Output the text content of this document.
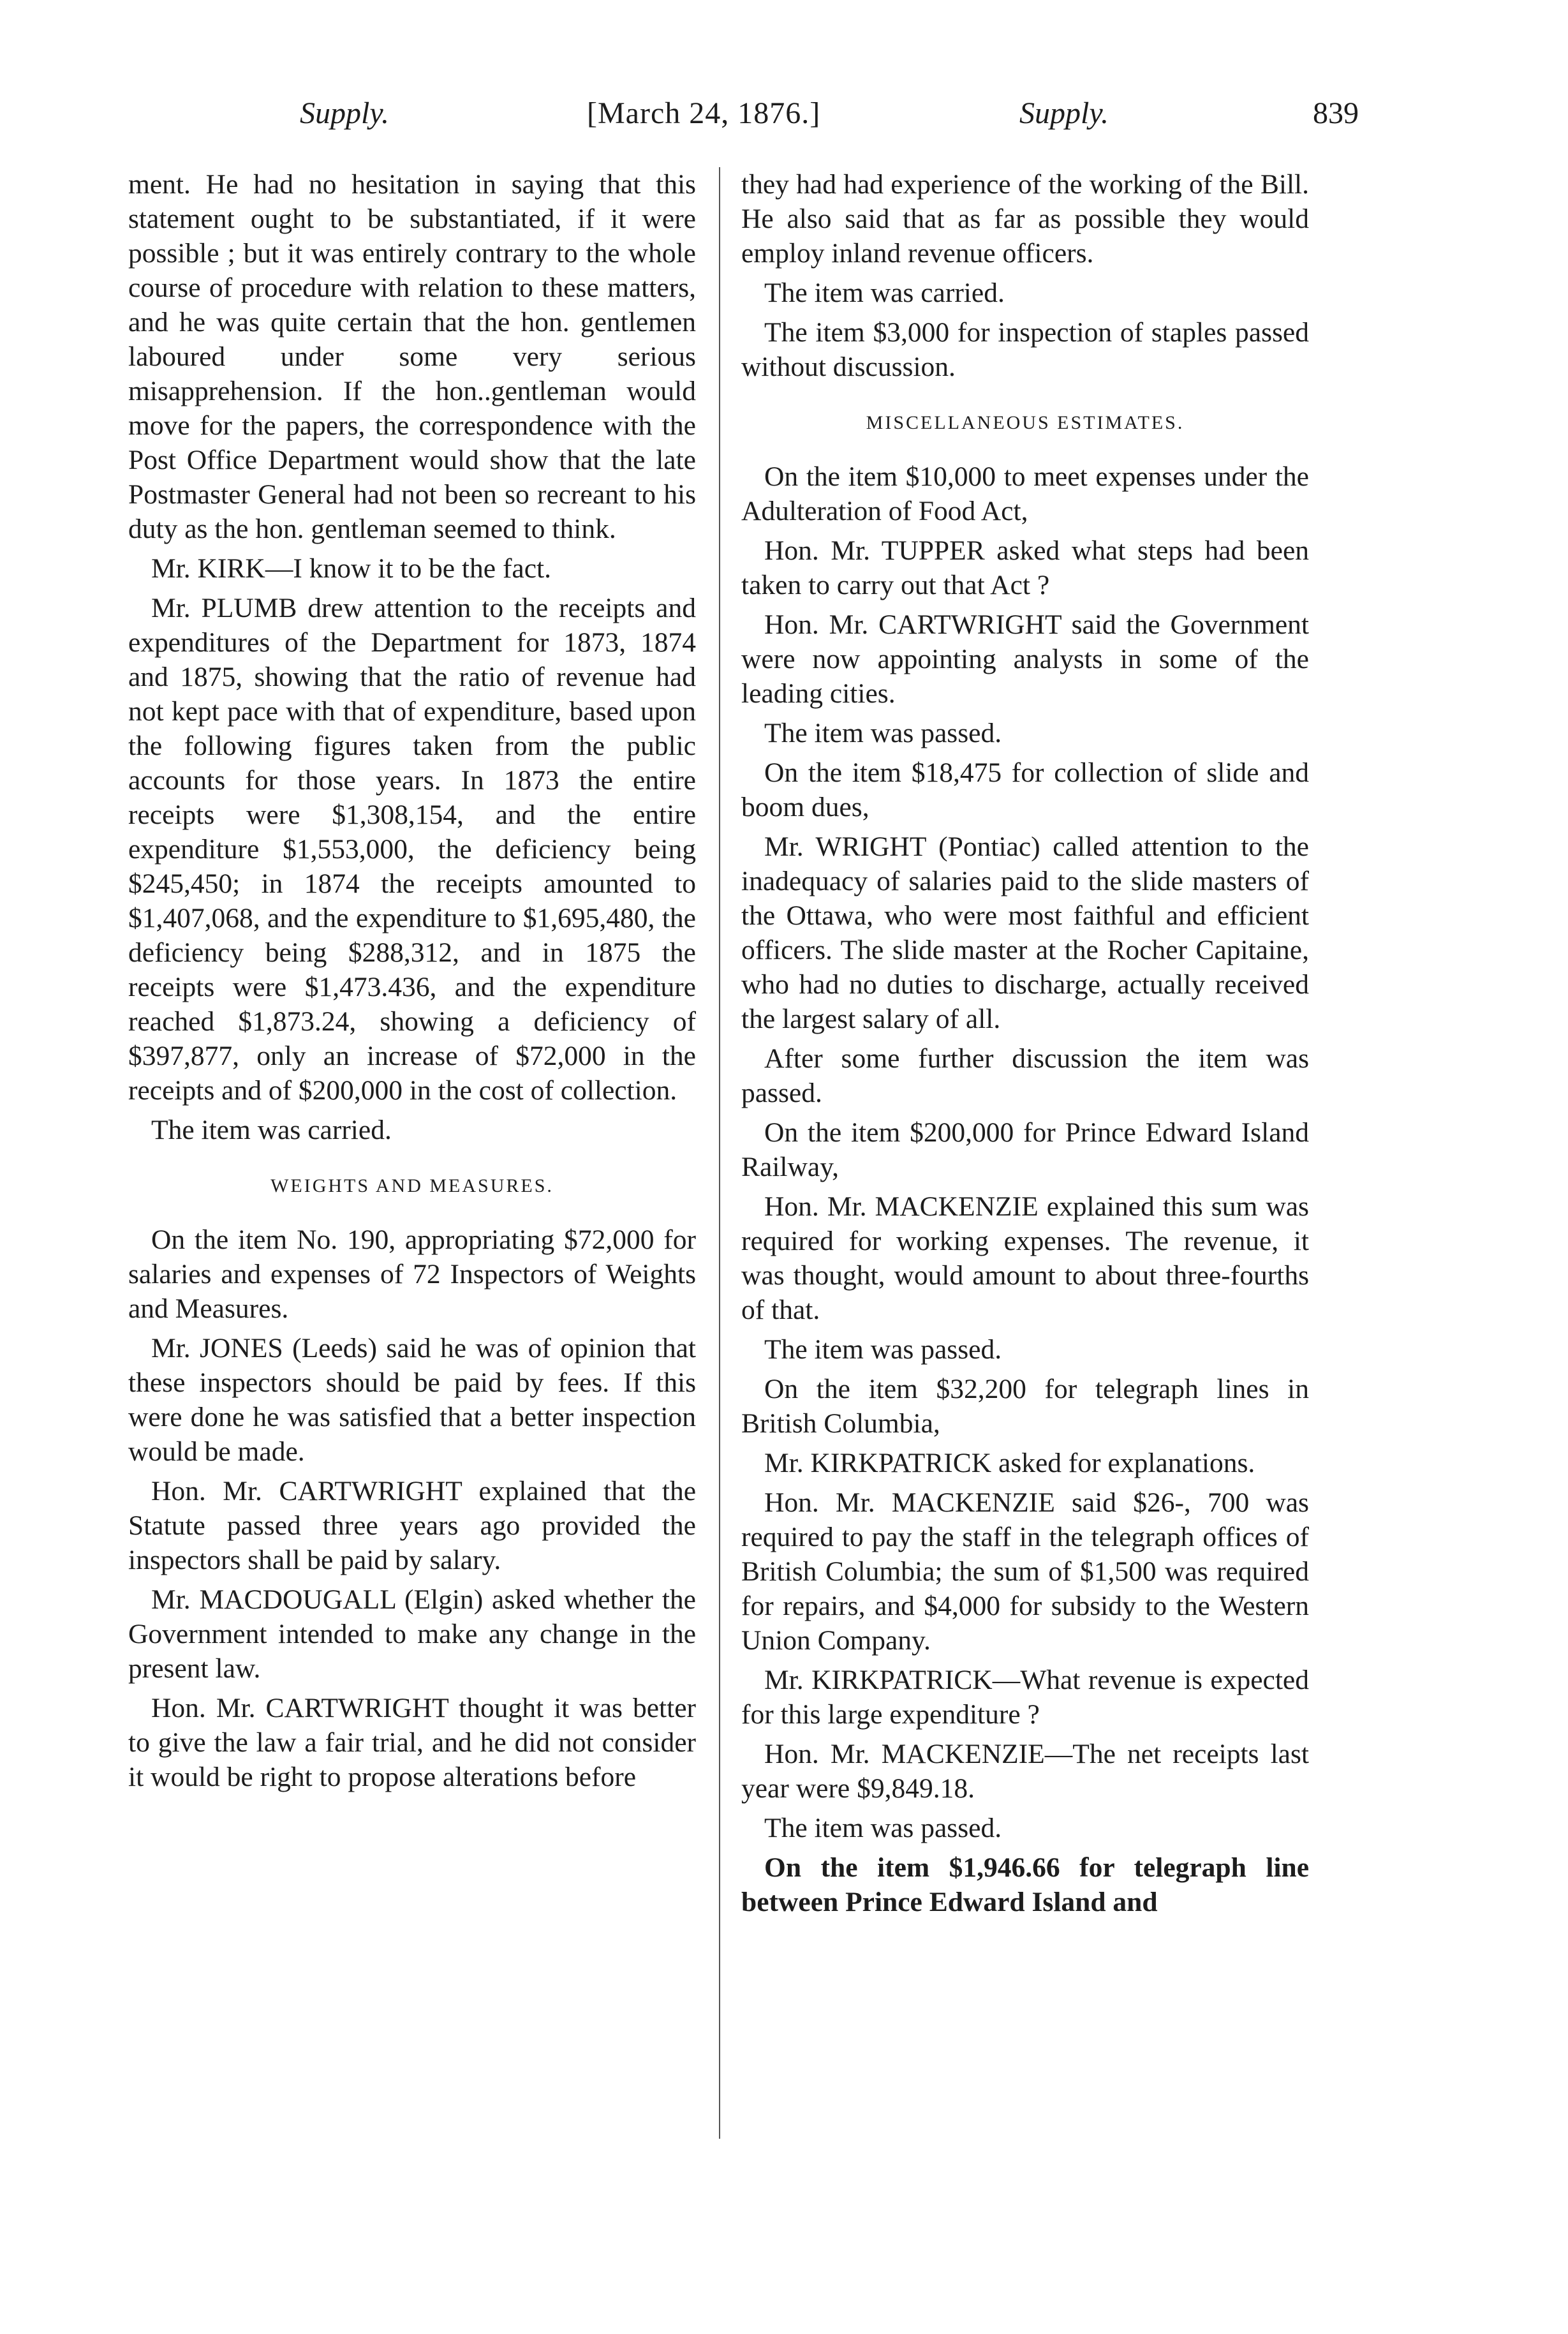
Supply.	[March 24, 1876.]	Supply.	839

ment. He had no hesitation in saying that this statement ought to be substantiated, if it were possible ; but it was entirely contrary to the whole course of procedure with relation to these matters, and he was quite certain that the hon. gentlemen laboured under some very serious misapprehension. If the hon..gentleman would move for the papers, the correspondence with the Post Office Department would show that the late Postmaster General had not been so recreant to his duty as the hon. gentleman seemed to think.

Mr. KIRK—I know it to be the fact.

Mr. PLUMB drew attention to the receipts and expenditures of the Department for 1873, 1874 and 1875, showing that the ratio of revenue had not kept pace with that of expenditure, based upon the following figures taken from the public accounts for those years. In 1873 the entire receipts were $1,308,154, and the entire expenditure $1,553,000, the deficiency being $245,450; in 1874 the receipts amounted to $1,407,068, and the expenditure to $1,695,480, the deficiency being $288,312, and in 1875 the receipts were $1,473.436, and the expenditure reached $1,873.24, showing a deficiency of $397,877, only an increase of $72,000 in the receipts and of $200,000 in the cost of collection.

The item was carried.

WEIGHTS AND MEASURES.

On the item No. 190, appropriating $72,000 for salaries and expenses of 72 Inspectors of Weights and Measures.

Mr. JONES (Leeds) said he was of opinion that these inspectors should be paid by fees. If this were done he was satisfied that a better inspection would be made.

Hon. Mr. CARTWRIGHT explained that the Statute passed three years ago provided the inspectors shall be paid by salary.

Mr. MACDOUGALL (Elgin) asked whether the Government intended to make any change in the present law.

Hon. Mr. CARTWRIGHT thought it was better to give the law a fair trial, and he did not consider it would be right to propose alterations before

they had had experience of the working of the Bill. He also said that as far as possible they would employ inland revenue officers.

The item was carried.

The item $3,000 for inspection of staples passed without discussion.

MISCELLANEOUS ESTIMATES.

On the item $10,000 to meet expenses under the Adulteration of Food Act,

Hon. Mr. TUPPER asked what steps had been taken to carry out that Act ?

Hon. Mr. CARTWRIGHT said the Government were now appointing analysts in some of the leading cities.

The item was passed.

On the item $18,475 for collection of slide and boom dues,

Mr. WRIGHT (Pontiac) called attention to the inadequacy of salaries paid to the slide masters of the Ottawa, who were most faithful and efficient officers. The slide master at the Rocher Capitaine, who had no duties to discharge, actually received the largest salary of all.

After some further discussion the item was passed.

On the item $200,000 for Prince Edward Island Railway,

Hon. Mr. MACKENZIE explained this sum was required for working expenses. The revenue, it was thought, would amount to about three-fourths of that.

The item was passed.

On the item $32,200 for telegraph lines in British Columbia,

Mr. KIRKPATRICK asked for explanations.

Hon. Mr. MACKENZIE said $26-, 700 was required to pay the staff in the telegraph offices of British Columbia; the sum of $1,500 was required for repairs, and $4,000 for subsidy to the Western Union Company.

Mr. KIRKPATRICK—What revenue is expected for this large expenditure ?

Hon. Mr. MACKENZIE—The net receipts last year were $9,849.18.

The item was passed.

On the item $1,946.66 for telegraph line between Prince Edward Island and
